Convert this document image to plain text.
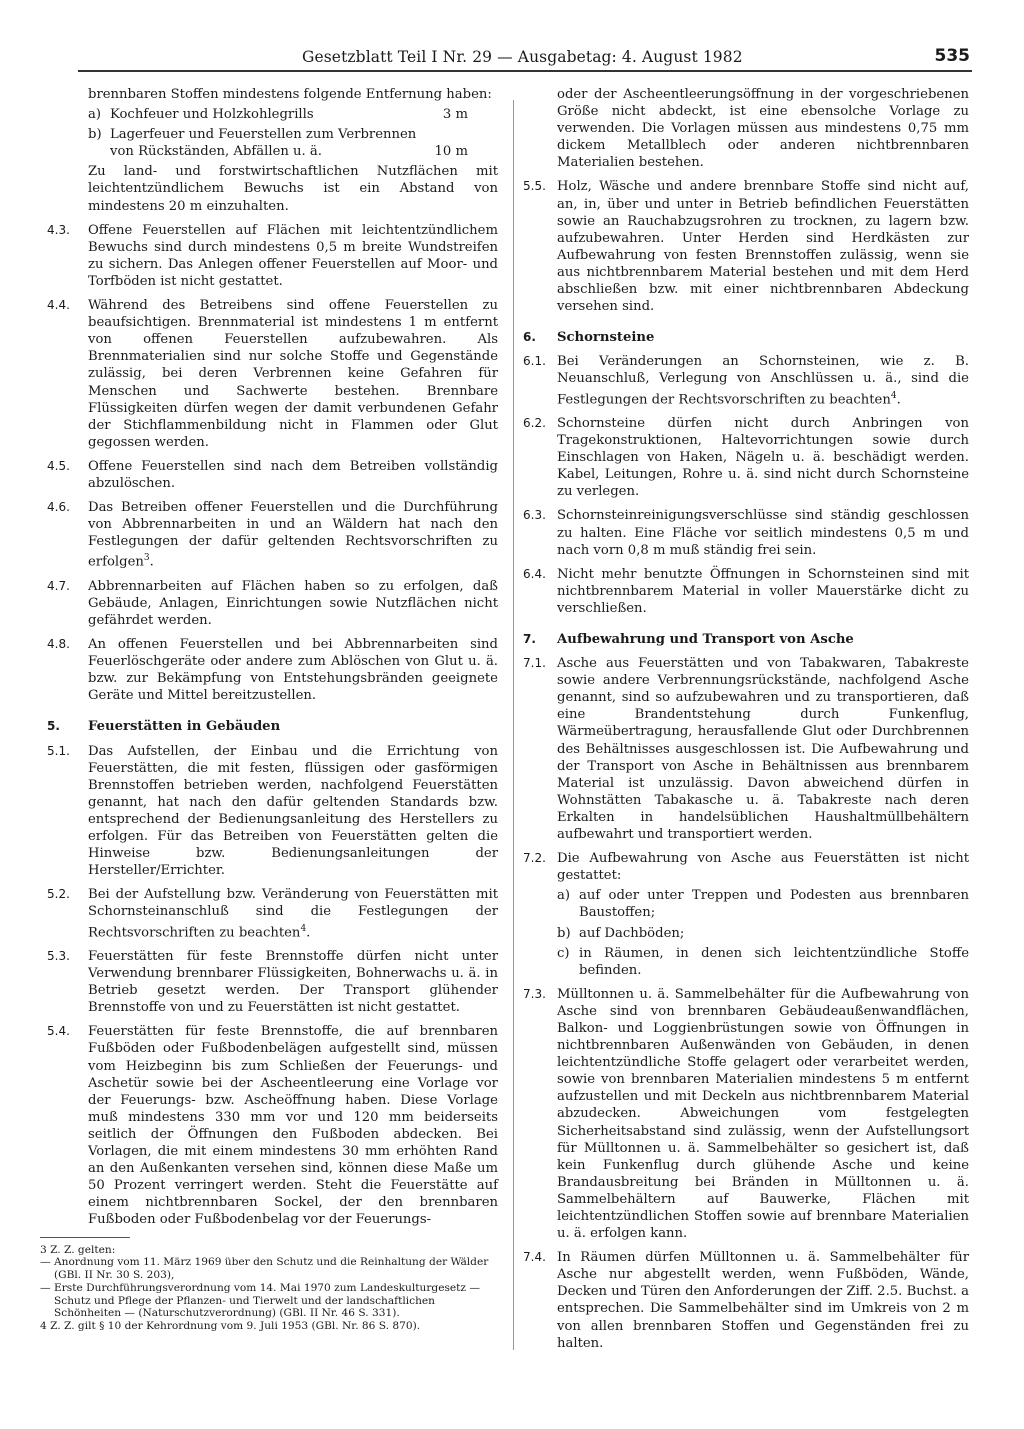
Gesetzblatt Teil I Nr. 29 — Ausgabetag: 4. August 1982	535

brennbaren Stoffen mindestens folgende Entfernung haben:

a) Kochfeuer und Holzkohlegrills	3 m
b) Lagerfeuer und Feuerstellen zum Verbrennen

von Rückständen, Abfällen u. ä.	10 m

Zu land- und forstwirtschaftlichen Nutzflächen mit leichtentzündlichem Bewuchs ist ein Abstand von mindestens 20 m einzuhalten.

4.3.	Offene Feuerstellen auf Flächen mit leichtentzündlichem Bewuchs sind durch mindestens 0,5 m breite Wundstreifen zu sichern. Das Anlegen offener Feuerstellen auf Moor- und Torfböden ist nicht gestattet.

4.4.	Während des Betreibens sind offene Feuerstellen zu beaufsichtigen. Brennmaterial ist mindestens 1 m entfernt von offenen Feuerstellen aufzubewahren. Als Brennmaterialien sind nur solche Stoffe und Gegenstände zulässig, bei deren Verbrennen keine Gefahren für Menschen und Sachwerte bestehen. Brennbare Flüssigkeiten dürfen wegen der damit verbundenen Gefahr der Stichflammenbildung nicht in Flammen oder Glut gegossen werden.

4.5.	Offene Feuerstellen sind nach dem Betreiben vollständig abzulöschen.

4.6.	Das Betreiben offener Feuerstellen und die Durchführung von Abbrennarbeiten in und an Wäldern hat nach den Festlegungen der dafür geltenden Rechtsvorschriften zu erfolgen$^3$.

4.7.	Abbrennarbeiten auf Flächen haben so zu erfolgen, daß Gebäude, Anlagen, Einrichtungen sowie Nutzflächen nicht gefährdet werden.

4.8.	An offenen Feuerstellen und bei Abbrennarbeiten sind Feuerlöschgeräte oder andere zum Ablöschen von Glut u. ä. bzw. zur Bekämpfung von Entstehungsbränden geeignete Geräte und Mittel bereitzustellen.

5.	Feuerstätten in Gebäuden

5.1.	Das Aufstellen, der Einbau und die Errichtung von Feuerstätten, die mit festen, flüssigen oder gasförmigen Brennstoffen betrieben werden, nachfolgend Feuerstätten genannt, hat nach den dafür geltenden Standards bzw. entsprechend der Bedienungsanleitung des Herstellers zu erfolgen. Für das Betreiben von Feuerstätten gelten die Hinweise bzw. Bedienungsanleitungen der Hersteller/Errichter.

5.2.	Bei der Aufstellung bzw. Veränderung von Feuerstätten mit Schornsteinanschluß sind die Festlegungen der Rechtsvorschriften zu beachten$^4$.

5.3.	Feuerstätten für feste Brennstoffe dürfen nicht unter Verwendung brennbarer Flüssigkeiten, Bohnerwachs u. ä. in Betrieb gesetzt werden. Der Transport glühender Brennstoffe von und zu Feuerstätten ist nicht gestattet.

5.4.	Feuerstätten für feste Brennstoffe, die auf brennbaren Fußböden oder Fußbodenbelägen aufgestellt sind, müssen vom Heizbeginn bis zum Schließen der Feuerungs- und Aschetür sowie bei der Ascheentleerung eine Vorlage vor der Feuerungs- bzw. Ascheöffnung haben. Diese Vorlage muß mindestens 330 mm vor und 120 mm beiderseits seitlich der Öffnungen den Fußboden abdecken. Bei Vorlagen, die mit einem mindestens 30 mm erhöhten Rand an den Außenkanten versehen sind, können diese Maße um 50 Prozent verringert werden. Steht die Feuerstätte auf einem nichtbrennbaren Sockel, der den brennbaren Fußboden oder Fußbodenbelag vor der Feuerungs-

3 Z. Z. gelten:
— Anordnung vom 11. März 1969 über den Schutz und die Reinhaltung der Wälder (GBl. II Nr. 30 S. 203),
— Erste Durchführungsverordnung vom 14. Mai 1970 zum Landeskulturgesetz — Schutz und Pflege der Pflanzen- und Tierwelt und der landschaftlichen Schönheiten — (Naturschutzverordnung) (GBl. II Nr. 46 S. 331).
4 Z. Z. gilt § 10 der Kehrordnung vom 9. Juli 1953 (GBl. Nr. 86 S. 870).

oder der Ascheentleerungsöffnung in der vorgeschriebenen Größe nicht abdeckt, ist eine ebensolche Vorlage zu verwenden. Die Vorlagen müssen aus mindestens 0,75 mm dickem Metallblech oder anderen nichtbrennbaren Materialien bestehen.

5.5. Holz, Wäsche und andere brennbare Stoffe sind nicht auf, an, in, über und unter in Betrieb befindlichen Feuerstätten sowie an Rauchabzugsrohren zu trocknen, zu lagern bzw. aufzubewahren. Unter Herden sind Herdkästen zur Aufbewahrung von festen Brennstoffen zulässig, wenn sie aus nichtbrennbarem Material bestehen und mit dem Herd abschließen bzw. mit einer nichtbrennbaren Abdeckung versehen sind.

6.	Schornsteine

6.1. Bei Veränderungen an Schornsteinen, wie z. B. Neuanschluß, Verlegung von Anschlüssen u. ä., sind die Festlegungen der Rechtsvorschriften zu beachten$^4$.

6.2. Schornsteine dürfen nicht durch Anbringen von Tragekonstruktionen, Haltevorrichtungen sowie durch Einschlagen von Haken, Nägeln u. ä. beschädigt werden. Kabel, Leitungen, Rohre u. ä. sind nicht durch Schornsteine zu verlegen.

6.3. Schornsteinreinigungsverschlüsse sind ständig geschlossen zu halten. Eine Fläche vor seitlich mindestens 0,5 m und nach vorn 0,8 m muß ständig frei sein.

6.4. Nicht mehr benutzte Öffnungen in Schornsteinen sind mit nichtbrennbarem Material in voller Mauerstärke dicht zu verschließen.

7.	Aufbewahrung und Transport von Asche

7.1. Asche aus Feuerstätten und von Tabakwaren, Tabakreste sowie andere Verbrennungsrückstände, nachfolgend Asche genannt, sind so aufzubewahren und zu transportieren, daß eine Brandentstehung durch Funkenflug, Wärmeübertragung, herausfallende Glut oder Durchbrennen des Behältnisses ausgeschlossen ist. Die Aufbewahrung und der Transport von Asche in Behältnissen aus brennbarem Material ist unzulässig. Davon abweichend dürfen in Wohnstätten Tabakasche u. ä. Tabakreste nach deren Erkalten in handelsüblichen Haushaltmüllbehältern aufbewahrt und transportiert werden.

7.2. Die Aufbewahrung von Asche aus Feuerstätten ist nicht gestattet:

a) auf oder unter Treppen und Podesten aus brennbaren Baustoffen;
b) auf Dachböden;
c) in Räumen, in denen sich leichtentzündliche Stoffe befinden.
7.3. Mülltonnen u. ä. Sammelbehälter für die Aufbewahrung von Asche sind von brennbaren Gebäudeaußenwandflächen, Balkon- und Loggienbrüstungen sowie von Öffnungen in nichtbrennbaren Außenwänden von Gebäuden, in denen leichtentzündliche Stoffe gelagert oder verarbeitet werden, sowie von brennbaren Materialien mindestens 5 m entfernt aufzustellen und mit Deckeln aus nichtbrennbarem Material abzudecken. Abweichungen vom festgelegten Sicherheitsabstand sind zulässig, wenn der Aufstellungsort für Mülltonnen u. ä. Sammelbehälter so gesichert ist, daß kein Funkenflug durch glühende Asche und keine Brandausbreitung bei Bränden in Mülltonnen u. ä. Sammelbehältern auf Bauwerke, Flächen mit leichtentzündlichen Stoffen sowie auf brennbare Materialien u. ä. erfolgen kann.

7.4. In Räumen dürfen Mülltonnen u. ä. Sammelbehälter für Asche nur abgestellt werden, wenn Fußböden, Wände, Decken und Türen den Anforderungen der Ziff. 2.5. Buchst. a entsprechen. Die Sammelbehälter sind im Umkreis von 2 m von allen brennbaren Stoffen und Gegenständen frei zu halten.
